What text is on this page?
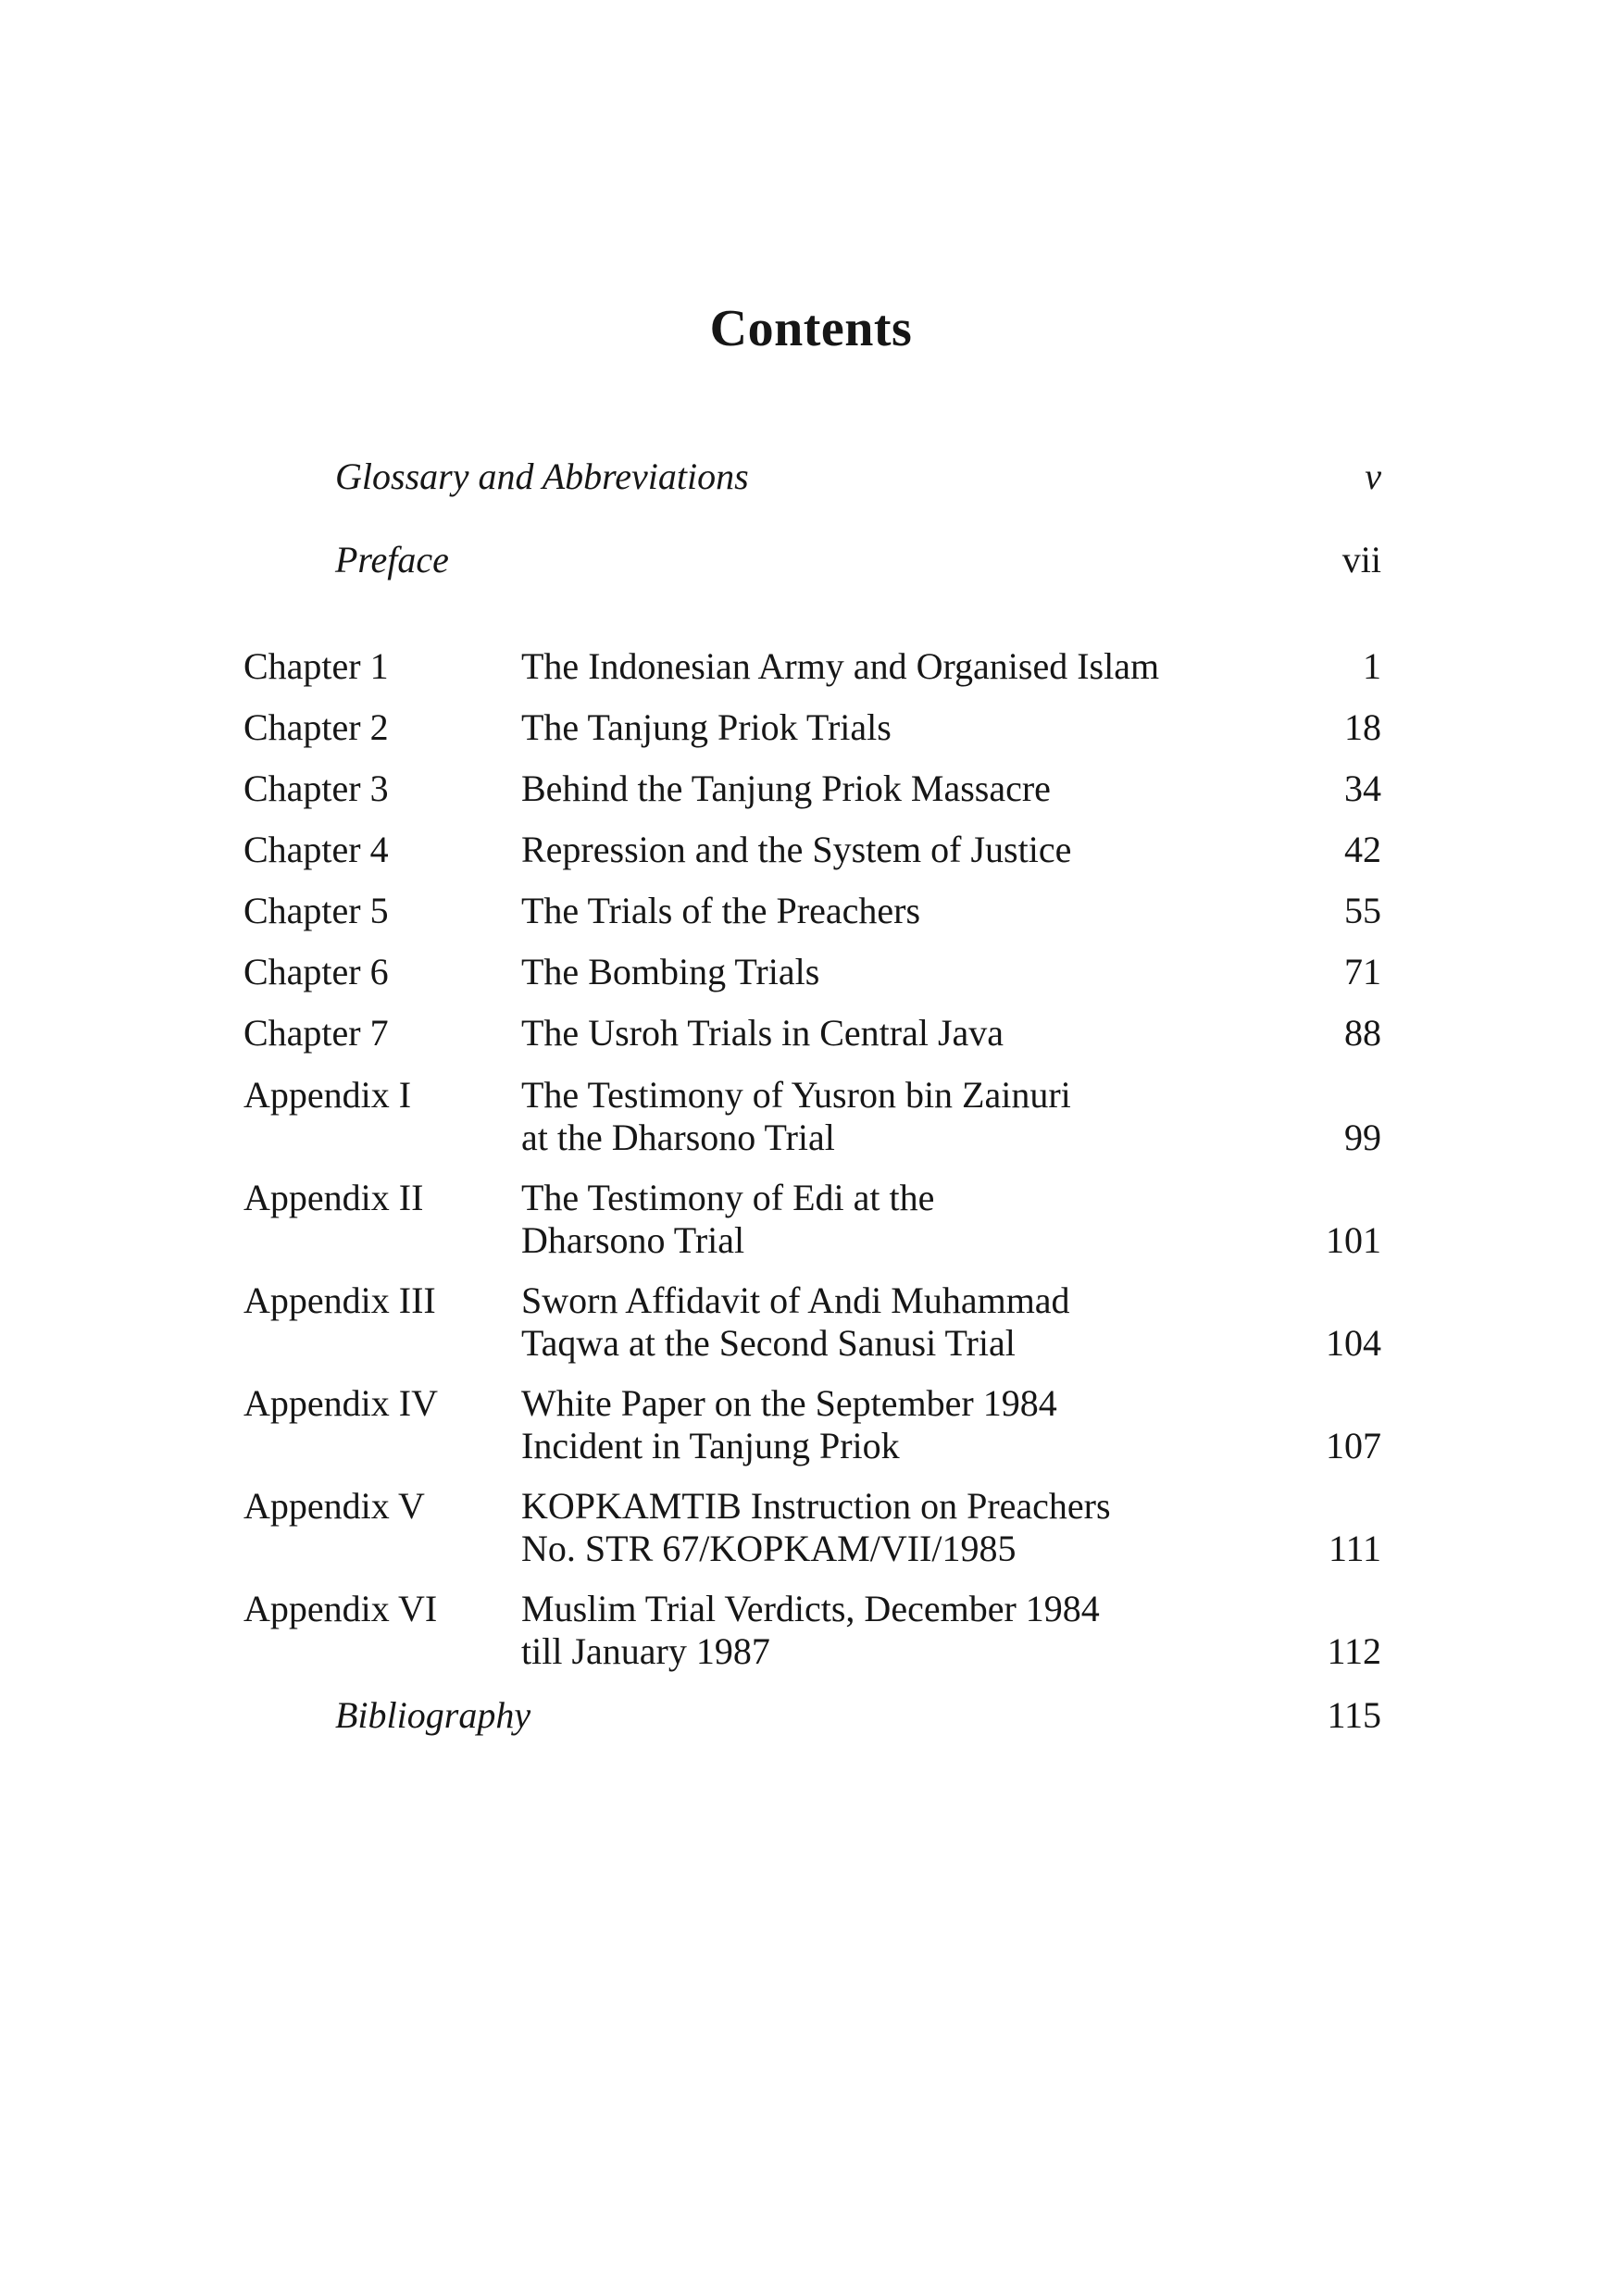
Contents
Glossary and Abbreviations	v
Preface	vii
Chapter 1	The Indonesian Army and Organised Islam	1
Chapter 2	The Tanjung Priok Trials	18
Chapter 3	Behind the Tanjung Priok Massacre	34
Chapter 4	Repression and the System of Justice	42
Chapter 5	The Trials of the Preachers	55
Chapter 6	The Bombing Trials	71
Chapter 7	The Usroh Trials in Central Java	88
Appendix I	The Testimony of Yusron bin Zainuri
at the Dharsono Trial	99
Appendix II	The Testimony of Edi at the
Dharsono Trial	101
Appendix III Sworn Affidavit of Andi Muhammad
Taqwa at the Second Sanusi Trial	104
Appendix IV White Paper on the September 1984
Incident in Tanjung Priok	107
Appendix V	KOPKAMTIB Instruction on Preachers
No. STR 67/KOPKAM/VII/1985	111
Appendix VI Muslim Trial Verdicts, December 1984
till January 1987	112
Bibliography	115
